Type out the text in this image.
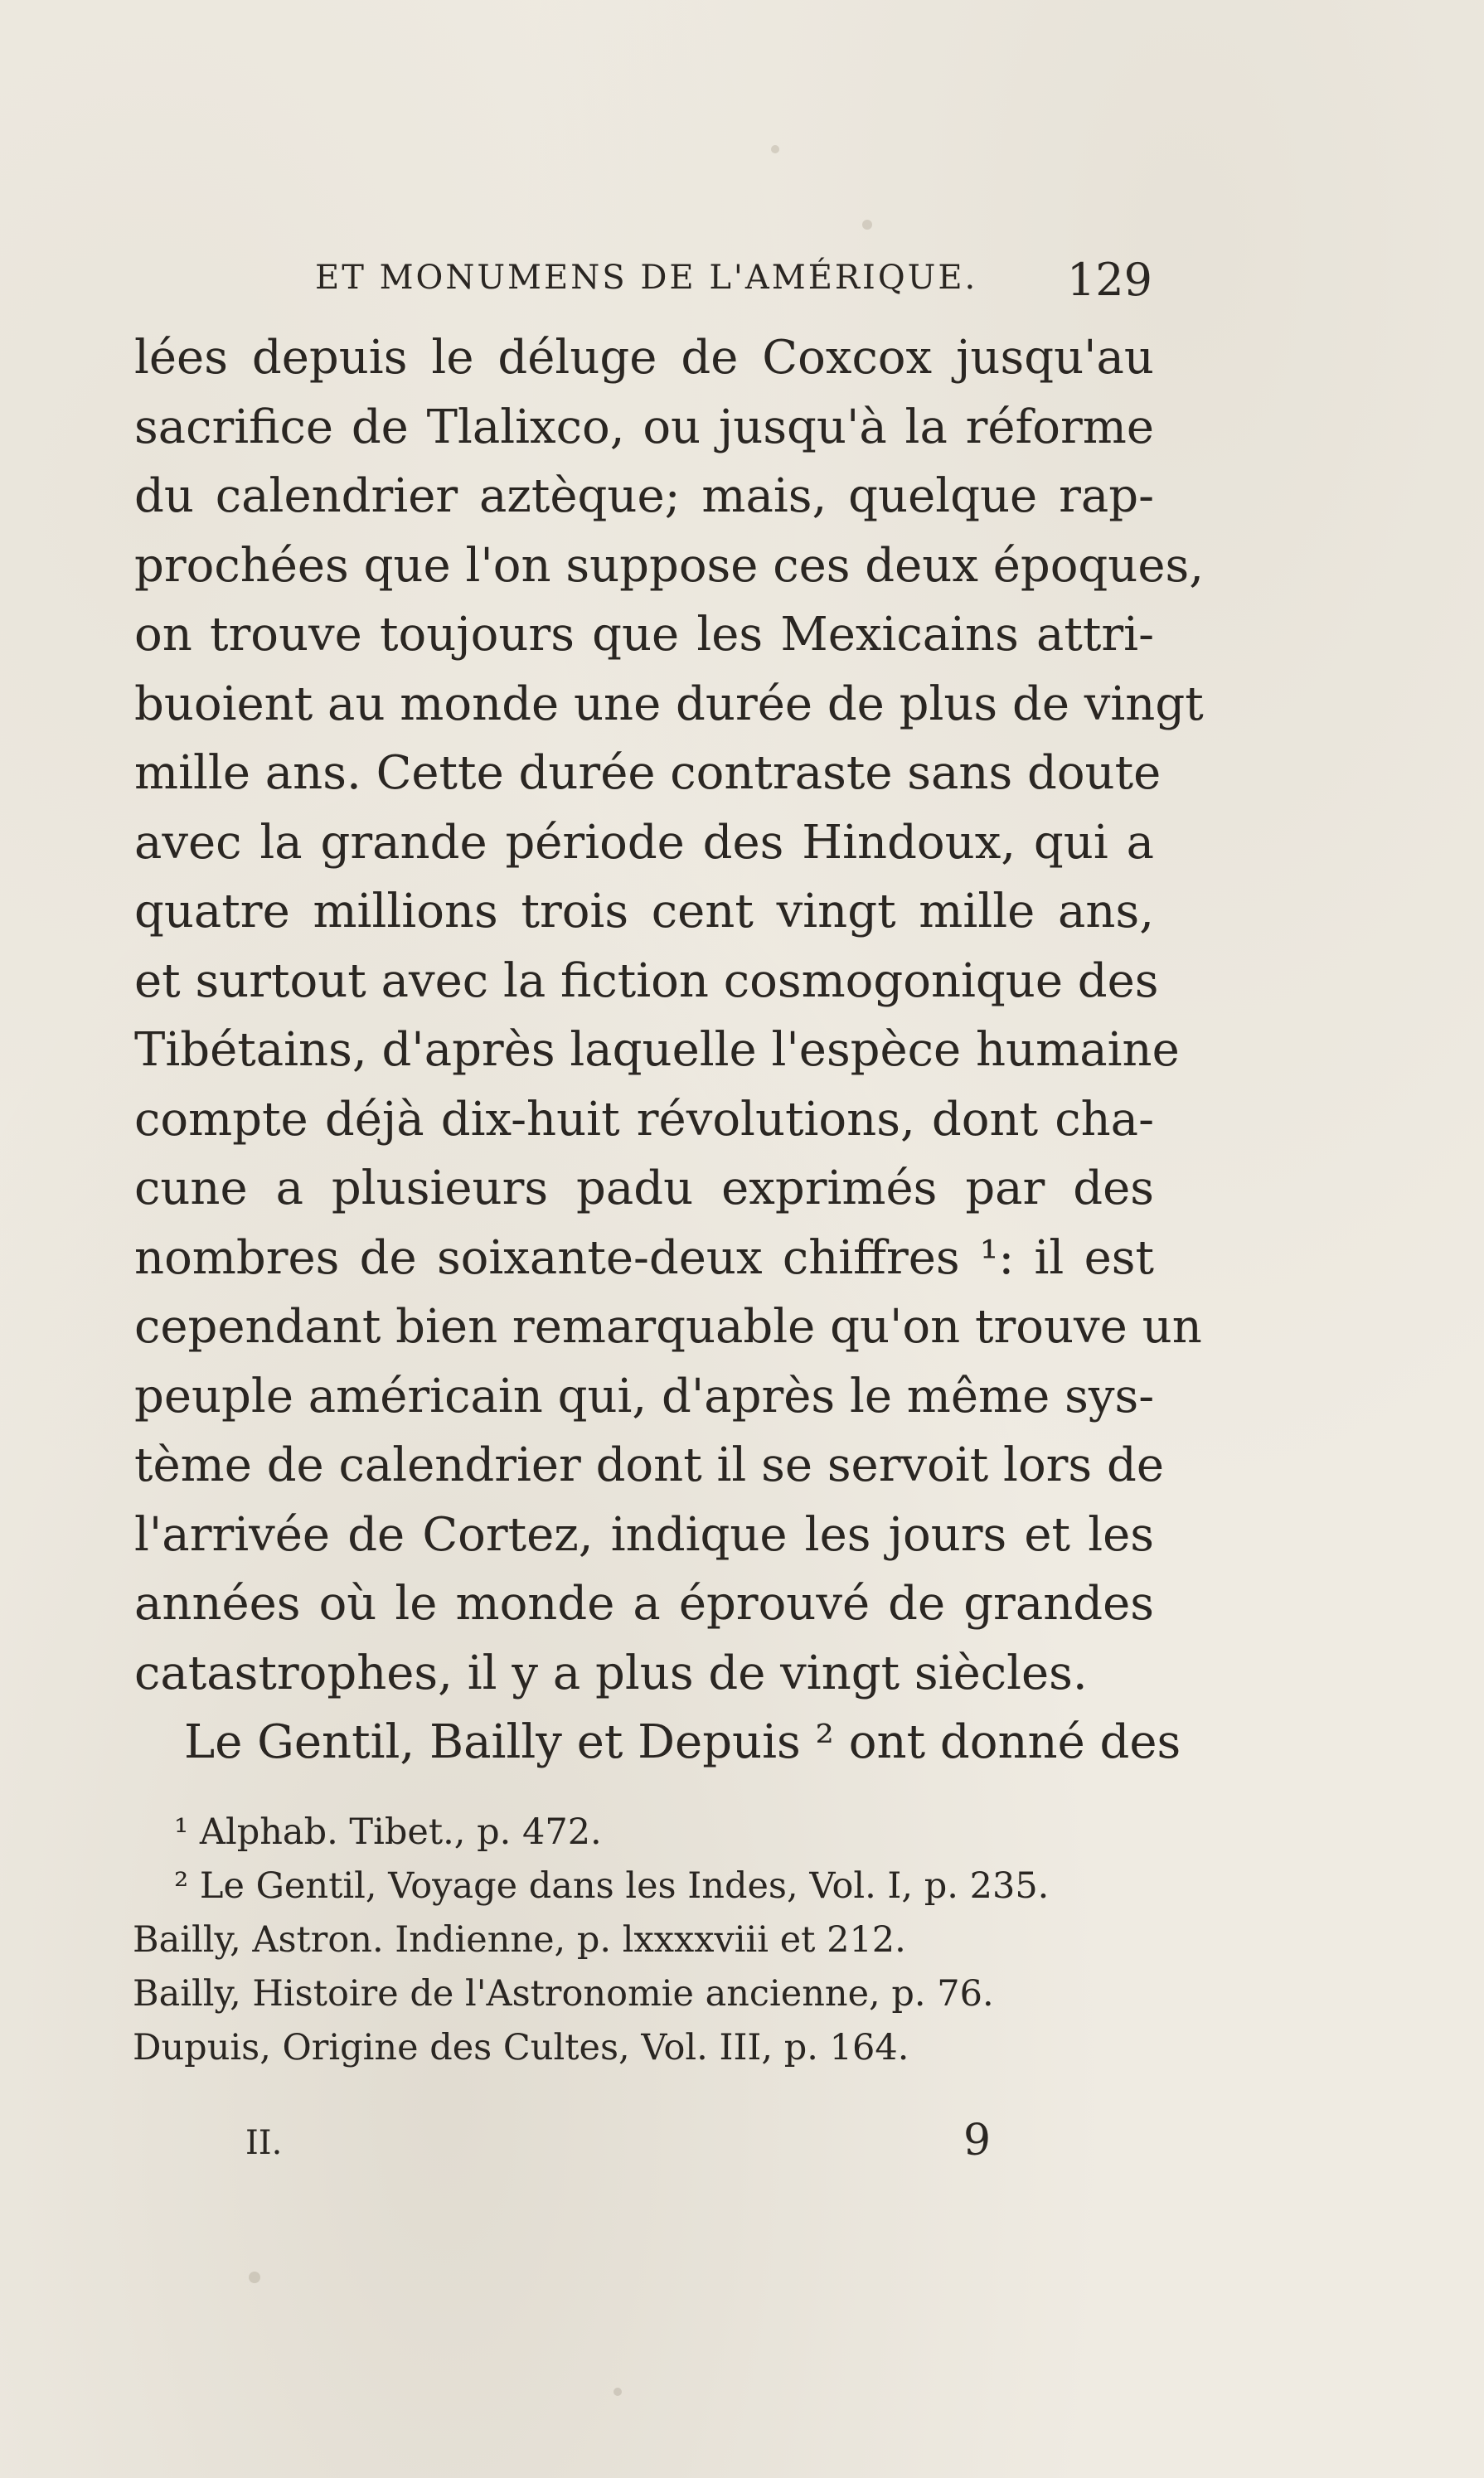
ET MONUMENS DE L'AMÉRIQUE. 129
lées depuis le déluge de Coxcox jusqu'au
sacrifice de Tlalixco, ou jusqu'à la réforme
du calendrier aztèque; mais, quelque rap-
prochées que l'on suppose ces deux époques,
on trouve toujours que les Mexicains attri-
buoient au monde une durée de plus de vingt
mille ans. Cette durée contraste sans doute
avec la grande période des Hindoux, qui a
quatre millions trois cent vingt mille ans,
et surtout avec la fiction cosmogonique des
Tibétains, d'après laquelle l'espèce humaine
compte déjà dix-huit révolutions, dont cha-
cune a plusieurs padu exprimés par des
nombres de soixante-deux chiffres ¹: il est
cependant bien remarquable qu'on trouve un
peuple américain qui, d'après le même sys-
tème de calendrier dont il se servoit lors de
l'arrivée de Cortez, indique les jours et les
années où le monde a éprouvé de grandes
catastrophes, il y a plus de vingt siècles.
Le Gentil, Bailly et Depuis ² ont donné des
¹ Alphab. Tibet., p. 472.
² Le Gentil, Voyage dans les Indes, Vol. I, p. 235.
Bailly, Astron. Indienne, p. lxxxxviii et 212.
Bailly, Histoire de l'Astronomie ancienne, p. 76.
Dupuis, Origine des Cultes, Vol. III, p. 164.
II.	9
